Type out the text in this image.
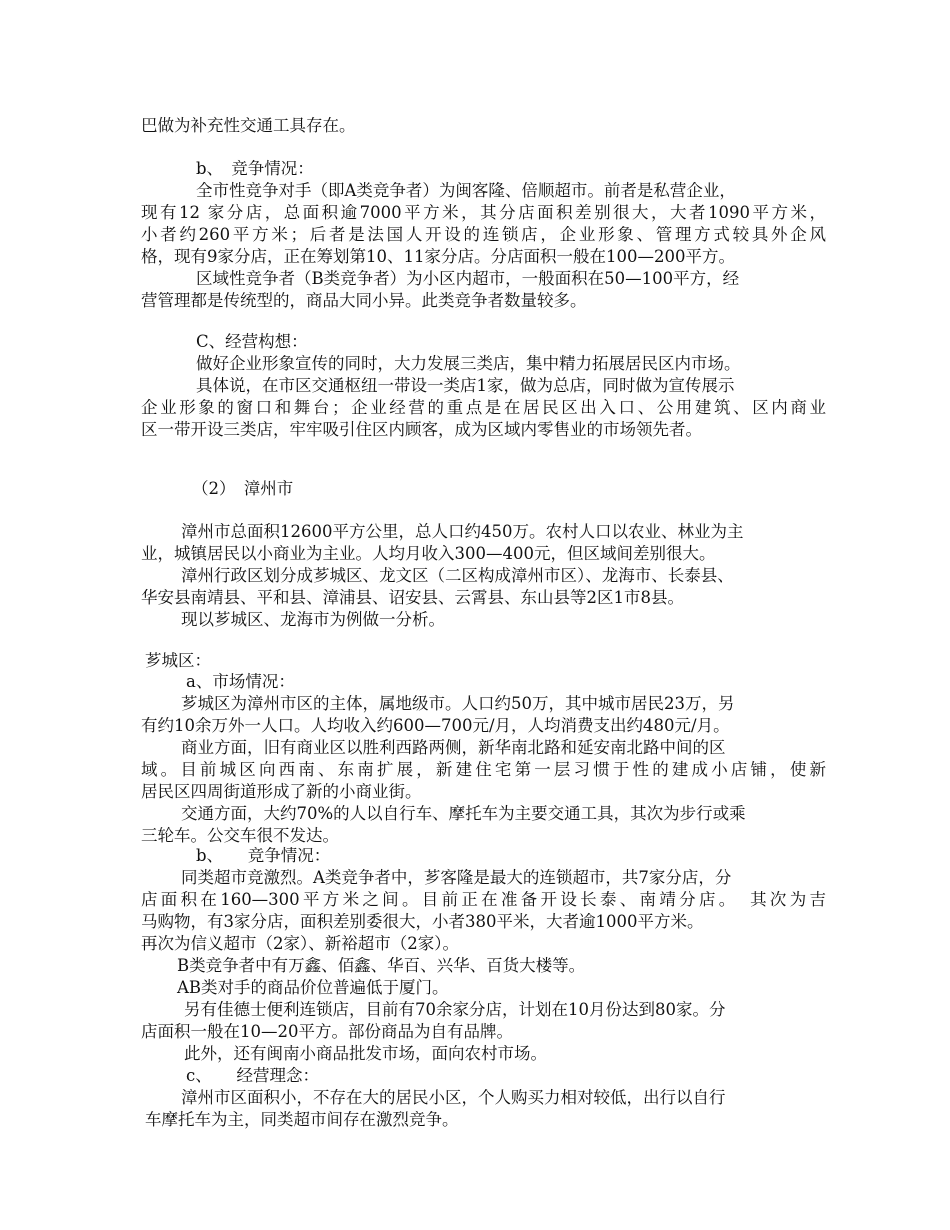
巴做为补充性交通工具存在。
b、　竞争情况：
全市性竞争对手（即A类竞争者）为闽客隆、倍顺超市。前者是私营企业，
现有12 家分店，总面积逾7000平方米，其分店面积差别很大，大者1090平方米，
小者约260平方米；后者是法国人开设的连锁店，企业形象、管理方式较具外企风
格，现有9家分店，正在筹划第10、11家分店。分店面积一般在100—200平方。
区域性竞争者（B类竞争者）为小区内超市，一般面积在50—100平方，经
营管理都是传统型的，商品大同小异。此类竞争者数量较多。
C、经营构想：
做好企业形象宣传的同时，大力发展三类店，集中精力拓展居民区内市场。
具体说，在市区交通枢纽一带设一类店1家，做为总店，同时做为宣传展示
企业形象的窗口和舞台；企业经营的重点是在居民区出入口、公用建筑、区内商业
区一带开设三类店，牢牢吸引住区内顾客，成为区域内零售业的市场领先者。
（2）　漳州市
漳州市总面积12600平方公里，总人口约450万。农村人口以农业、林业为主
业，城镇居民以小商业为主业。人均月收入300—400元，但区域间差别很大。
漳州行政区划分成芗城区、龙文区（二区构成漳州市区）、龙海市、长泰县、
华安县南靖县、平和县、漳浦县、诏安县、云霄县、东山县等2区1市8县。
现以芗城区、龙海市为例做一分析。
芗城区：
a、市场情况：
芗城区为漳州市区的主体，属地级市。人口约50万，其中城市居民23万，另
有约10余万外一人口。人均收入约600—700元/月，人均消费支出约480元/月。
商业方面，旧有商业区以胜利西路两侧，新华南北路和延安南北路中间的区
域。目前城区向西南、东南扩展，新建住宅第一层习惯于性的建成小店铺，使新
居民区四周街道形成了新的小商业街。
交通方面，大约70%的人以自行车、摩托车为主要交通工具，其次为步行或乘
三轮车。公交车很不发达。
b、　　竞争情况：
同类超市竞激烈。A类竞争者中，芗客隆是最大的连锁超市，共7家分店，分
店面积在160—300平方米之间。目前正在准备开设长泰、南靖分店。　其次为吉
马购物，有3家分店，面积差别委很大，小者380平米，大者逾1000平方米。
再次为信义超市（2家）、新裕超市（2家）。
B类竞争者中有万鑫、佰鑫、华百、兴华、百货大楼等。
AB类对手的商品价位普遍低于厦门。
另有佳德士便利连锁店，目前有70余家分店，计划在10月份达到80家。分
店面积一般在10—20平方。部份商品为自有品牌。
此外，还有闽南小商品批发市场，面向农村市场。
c、　　经营理念：
漳州市区面积小，不存在大的居民小区，个人购买力相对较低，出行以自行
车摩托车为主，同类超市间存在激烈竞争。
